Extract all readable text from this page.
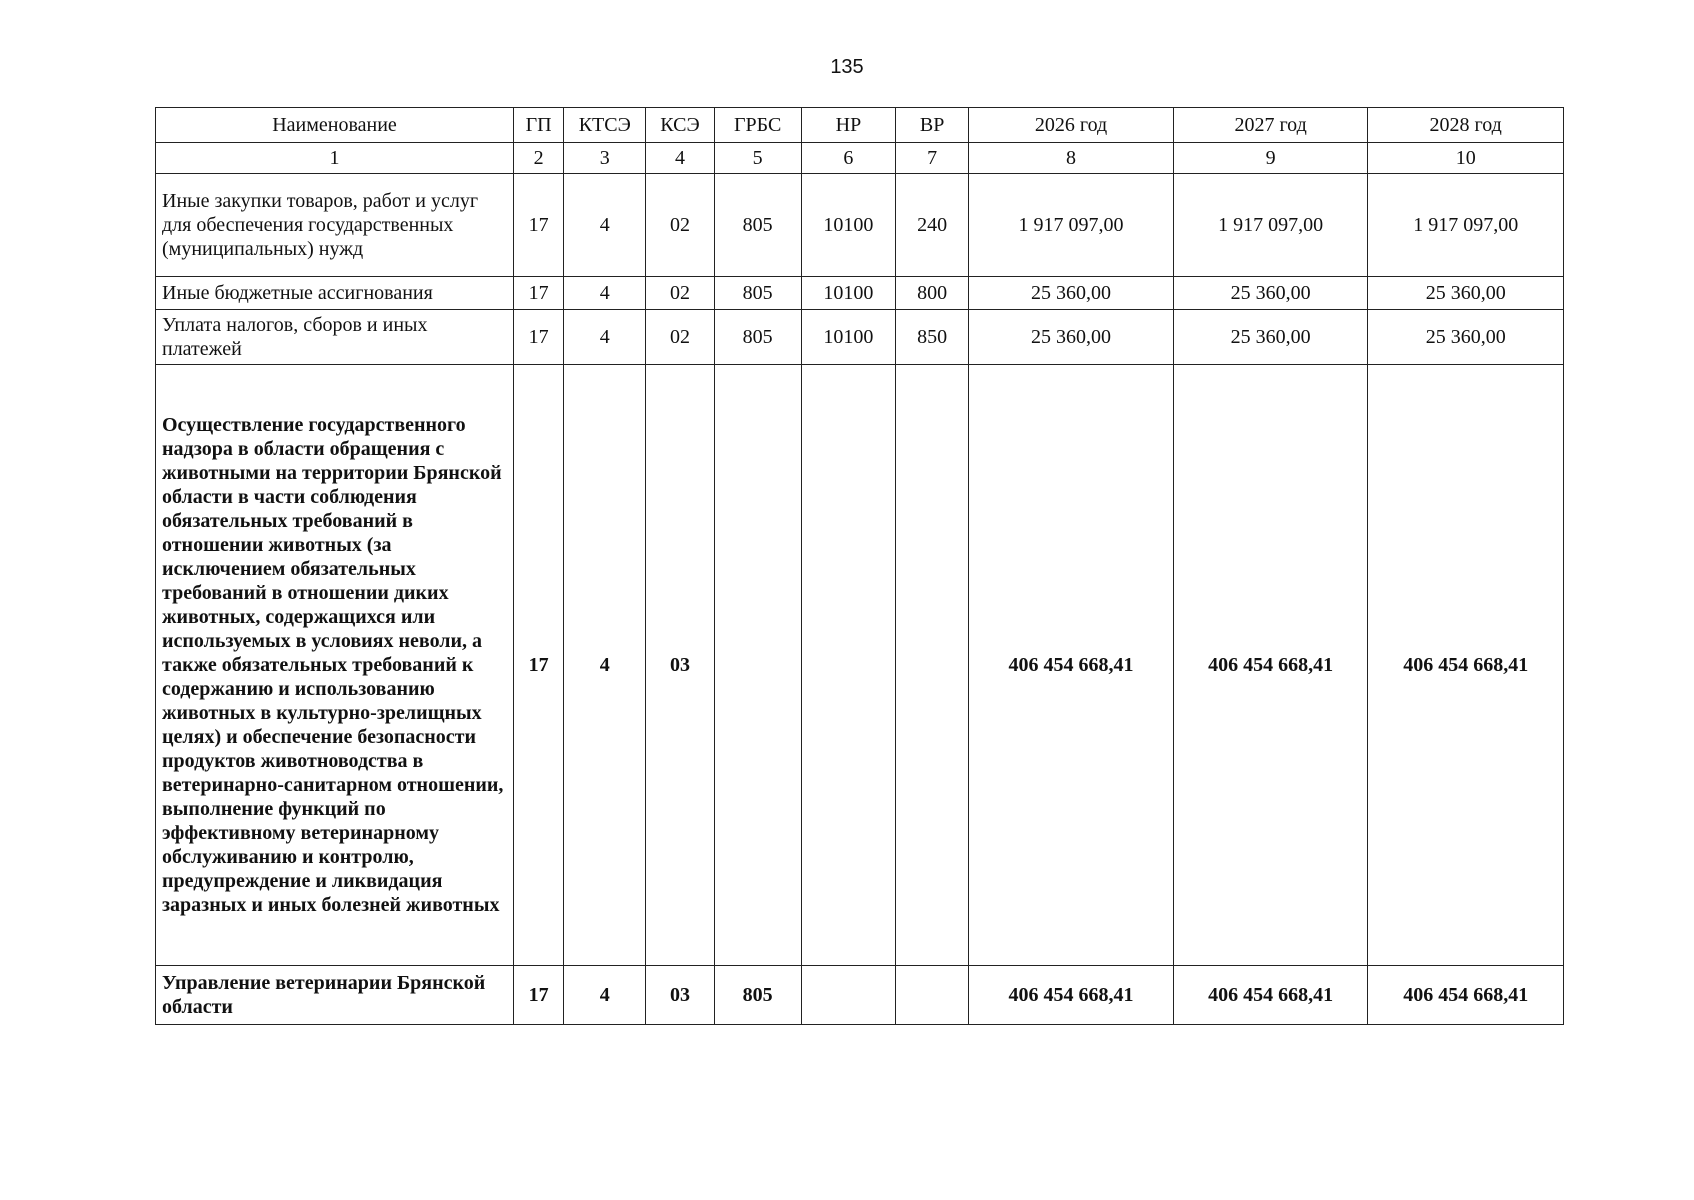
135
Наименование	ГП	КТСЭ	КСЭ	ГРБС	НР	ВР	2026 год	2027 год	2028 год
1	2	3	4	5	6	7	8	9	10
Иные закупки товаров, работ и услуг для обеспечения государственных (муниципальных) нужд	17	4	02	805	10100	240	1 917 097,00	1 917 097,00	1 917 097,00
Иные бюджетные ассигнования	17	4	02	805	10100	800	25 360,00	25 360,00	25 360,00
Уплата налогов, сборов и иных платежей	17	4	02	805	10100	850	25 360,00	25 360,00	25 360,00
Осуществление государственного надзора в области обращения с животными на территории Брянской области в части соблюдения обязательных требований в отношении животных (за исключением обязательных требований в отношении диких животных, содержащихся или используемых в условиях неволи, а также обязательных требований к содержанию и использованию животных в культурно-зрелищных целях) и обеспечение безопасности продуктов животноводства в ветеринарно-санитарном отношении, выполнение функций по эффективному ветеринарному обслуживанию и контролю, предупреждение и ликвидация заразных и иных болезней животных	17	4	03				406 454 668,41	406 454 668,41	406 454 668,41
Управление ветеринарии Брянской области	17	4	03	805			406 454 668,41	406 454 668,41	406 454 668,41
